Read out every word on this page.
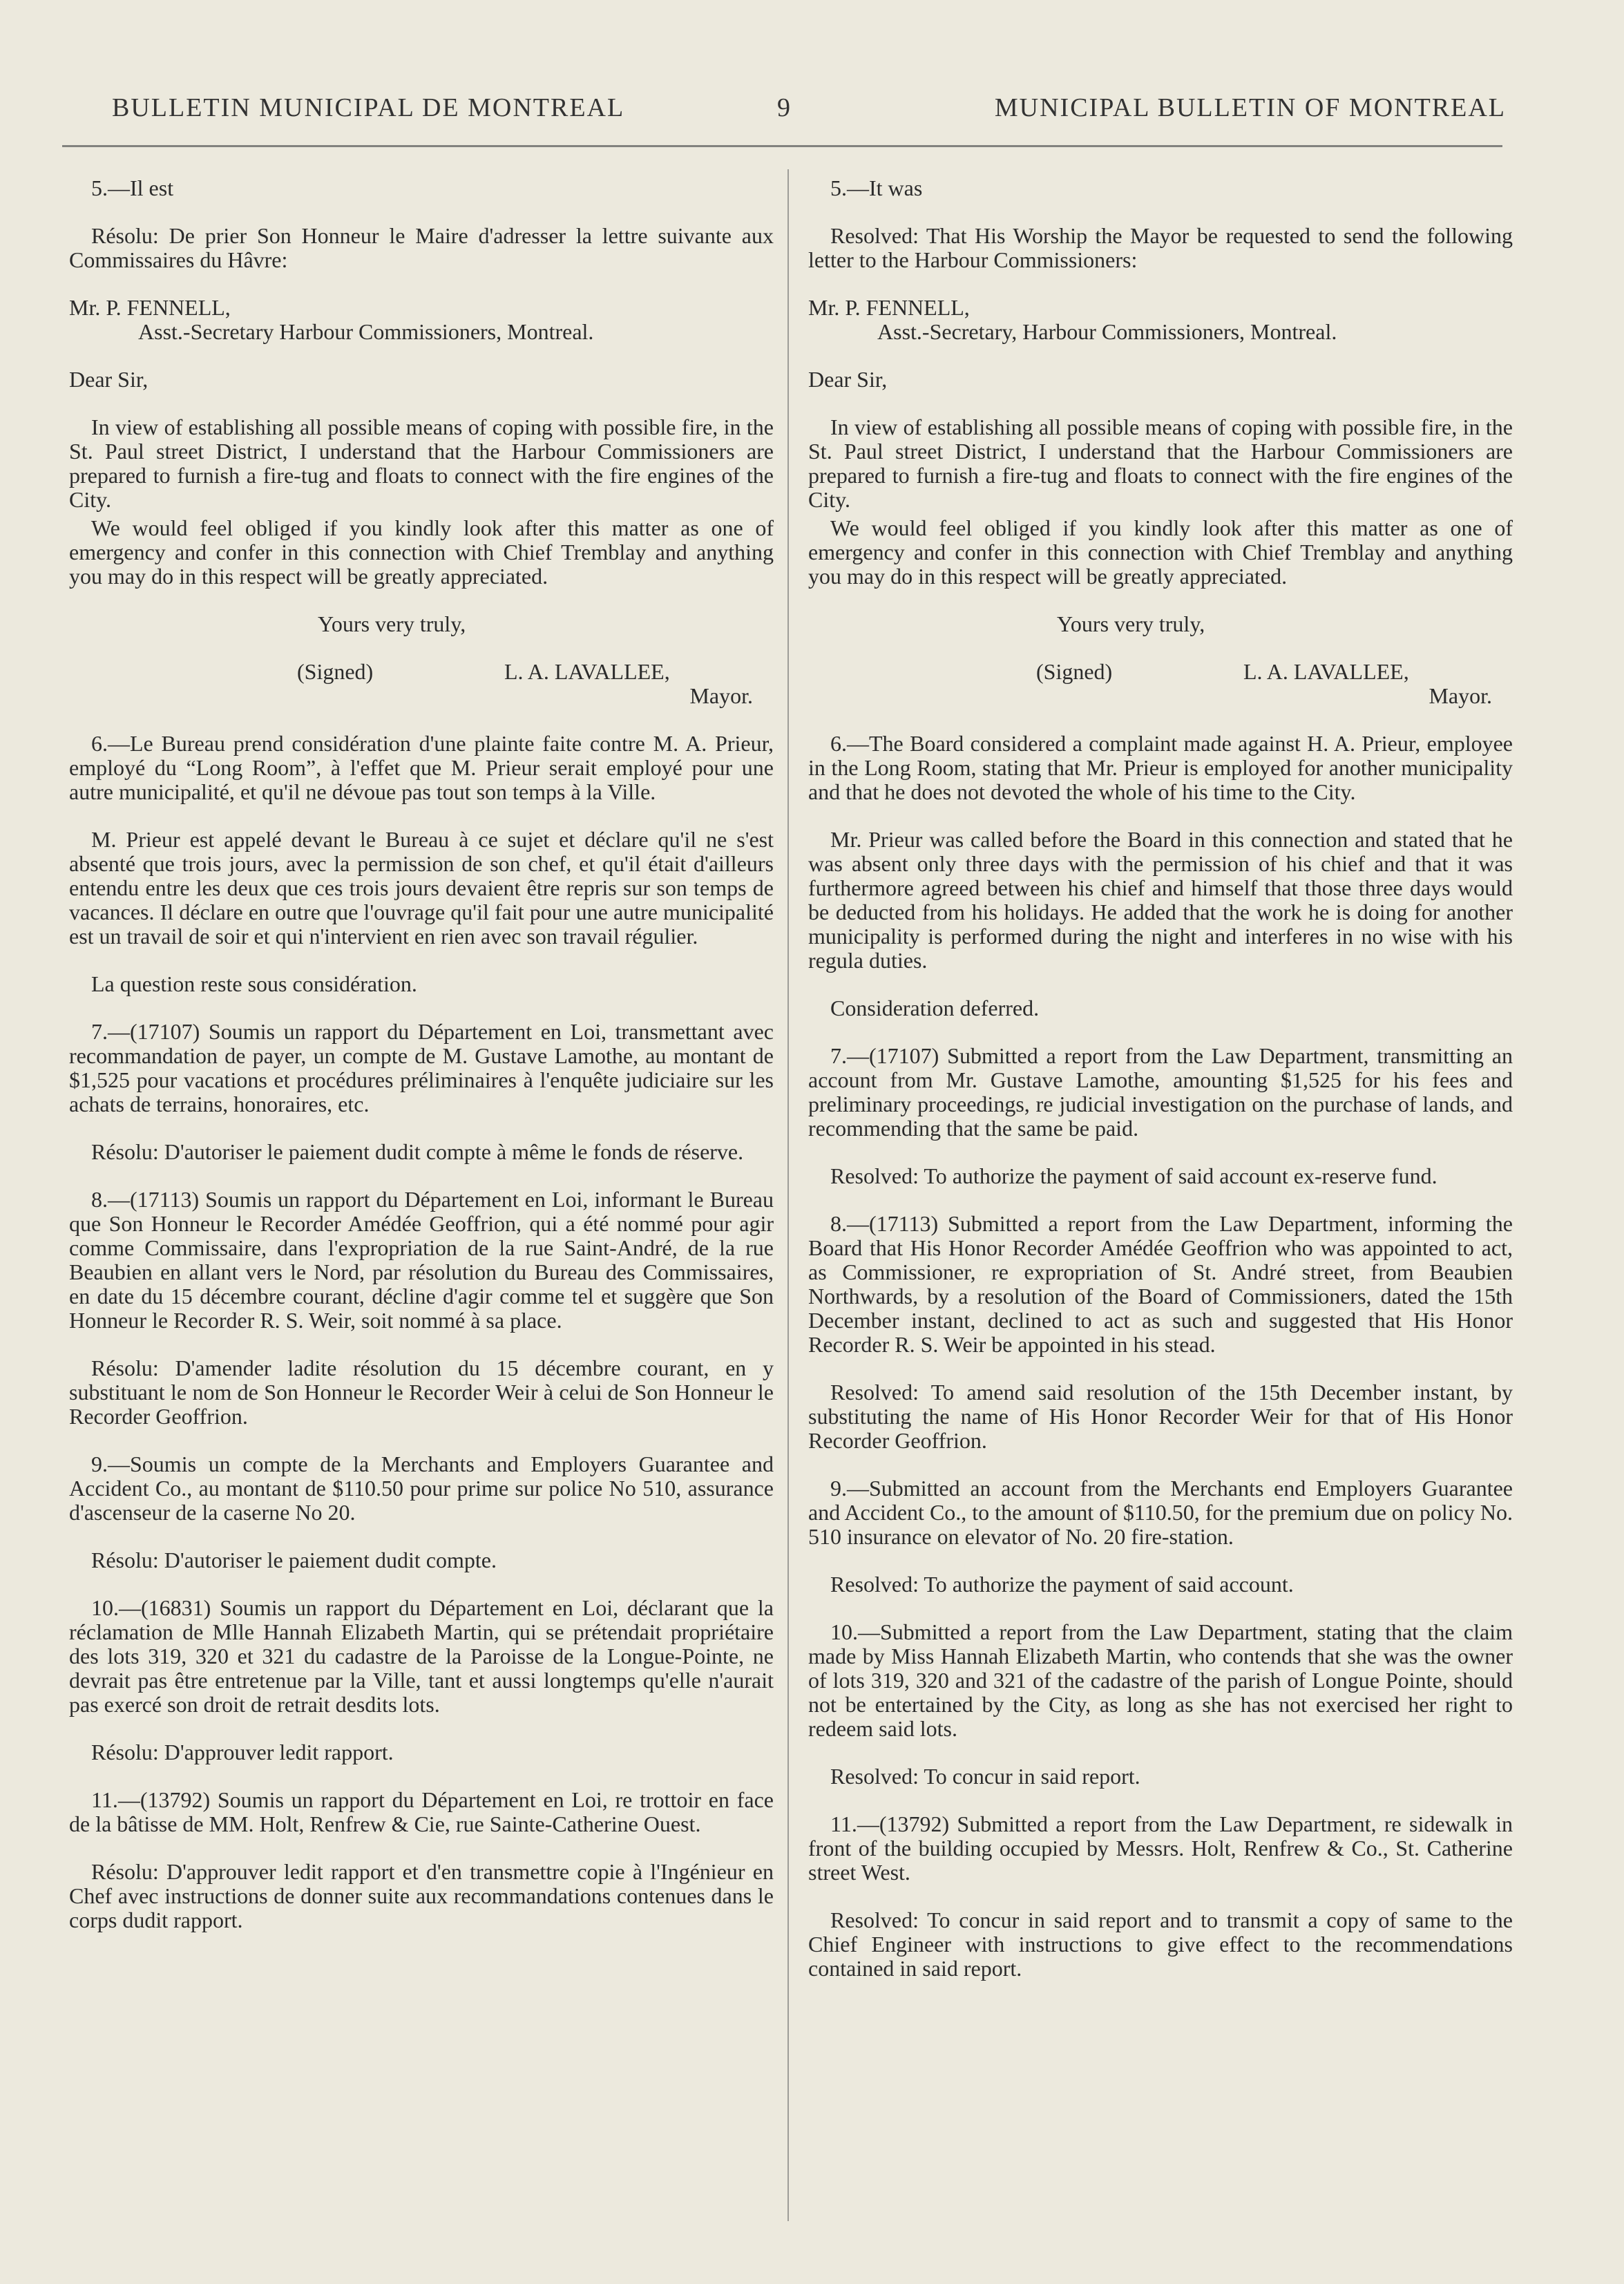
BULLETIN MUNICIPAL DE MONTREAL	9	MUNICIPAL BULLETIN OF MONTREAL

5.—Il est

Résolu: De prier Son Honneur le Maire d'adresser la lettre suivante aux Commissaires du Hâvre:

Mr. P. FENNELL,

Asst.-Secretary Harbour Commissioners, Montreal.

Dear Sir,

In view of establishing all possible means of coping with possible fire, in the St. Paul street District, I understand that the Harbour Commissioners are prepared to furnish a fire-tug and floats to connect with the fire engines of the City.

We would feel obliged if you kindly look after this matter as one of emergency and confer in this connection with Chief Tremblay and anything you may do in this respect will be greatly appreciated.

Yours very truly,

(Signed)	L. A. LAVALLEE,

Mayor.

6.—Le Bureau prend considération d'une plainte faite contre M. A. Prieur, employé du “Long Room”, à l'effet que M. Prieur serait employé pour une autre municipalité, et qu'il ne dévoue pas tout son temps à la Ville.

M. Prieur est appelé devant le Bureau à ce sujet et déclare qu'il ne s'est absenté que trois jours, avec la permission de son chef, et qu'il était d'ailleurs entendu entre les deux que ces trois jours devaient être repris sur son temps de vacances. Il déclare en outre que l'ouvrage qu'il fait pour une autre municipalité est un travail de soir et qui n'intervient en rien avec son travail régulier.

La question reste sous considération.

7.—(17107) Soumis un rapport du Département en Loi, transmettant avec recommandation de payer, un compte de M. Gustave Lamothe, au montant de $1,525 pour vacations et procédures préliminaires à l'enquête judiciaire sur les achats de terrains, honoraires, etc.

Résolu: D'autoriser le paiement dudit compte à même le fonds de réserve.

8.—(17113) Soumis un rapport du Département en Loi, informant le Bureau que Son Honneur le Recorder Amédée Geoffrion, qui a été nommé pour agir comme Commissaire, dans l'expropriation de la rue Saint-André, de la rue Beaubien en allant vers le Nord, par résolution du Bureau des Commissaires, en date du 15 décembre courant, décline d'agir comme tel et suggère que Son Honneur le Recorder R. S. Weir, soit nommé à sa place.

Résolu: D'amender ladite résolution du 15 décembre courant, en y substituant le nom de Son Honneur le Recorder Weir à celui de Son Honneur le Recorder Geoffrion.

9.—Soumis un compte de la Merchants and Employers Guarantee and Accident Co., au montant de $110.50 pour prime sur police No 510, assurance d'ascenseur de la caserne No 20.

Résolu: D'autoriser le paiement dudit compte.

10.—(16831) Soumis un rapport du Département en Loi, déclarant que la réclamation de Mlle Hannah Elizabeth Martin, qui se prétendait propriétaire des lots 319, 320 et 321 du cadastre de la Paroisse de la Longue-Pointe, ne devrait pas être entretenue par la Ville, tant et aussi longtemps qu'elle n'aurait pas exercé son droit de retrait desdits lots.

Résolu: D'approuver ledit rapport.

11.—(13792) Soumis un rapport du Département en Loi, re trottoir en face de la bâtisse de MM. Holt, Renfrew & Cie, rue Sainte-Catherine Ouest.

Résolu: D'approuver ledit rapport et d'en transmettre copie à l'Ingénieur en Chef avec instructions de donner suite aux recommandations contenues dans le corps dudit rapport.

5.—It was

Resolved: That His Worship the Mayor be requested to send the following letter to the Harbour Commissioners:

Mr. P. FENNELL,

Asst.-Secretary, Harbour Commissioners, Montreal.

Dear Sir,

In view of establishing all possible means of coping with possible fire, in the St. Paul street District, I understand that the Harbour Commissioners are prepared to furnish a fire-tug and floats to connect with the fire engines of the City.

We would feel obliged if you kindly look after this matter as one of emergency and confer in this connection with Chief Tremblay and anything you may do in this respect will be greatly appreciated.

Yours very truly,

(Signed)	L. A. LAVALLEE,

Mayor.

6.—The Board considered a complaint made against H. A. Prieur, employee in the Long Room, stating that Mr. Prieur is employed for another municipality and that he does not devoted the whole of his time to the City.

Mr. Prieur was called before the Board in this connection and stated that he was absent only three days with the permission of his chief and that it was furthermore agreed between his chief and himself that those three days would be deducted from his holidays. He added that the work he is doing for another municipality is performed during the night and interferes in no wise with his regula duties.

Consideration deferred.

7.—(17107) Submitted a report from the Law Department, transmitting an account from Mr. Gustave Lamothe, amounting $1,525 for his fees and preliminary proceedings, re judicial investigation on the purchase of lands, and recommending that the same be paid.

Resolved: To authorize the payment of said account ex-reserve fund.

8.—(17113) Submitted a report from the Law Department, informing the Board that His Honor Recorder Amédée Geoffrion who was appointed to act, as Commissioner, re expropriation of St. André street, from Beaubien Northwards, by a resolution of the Board of Commissioners, dated the 15th December instant, declined to act as such and suggested that His Honor Recorder R. S. Weir be appointed in his stead.

Resolved: To amend said resolution of the 15th December instant, by substituting the name of His Honor Recorder Weir for that of His Honor Recorder Geoffrion.

9.—Submitted an account from the Merchants end Employers Guarantee and Accident Co., to the amount of $110.50, for the premium due on policy No. 510 insurance on elevator of No. 20 fire-station.

Resolved: To authorize the payment of said account.

10.—Submitted a report from the Law Department, stating that the claim made by Miss Hannah Elizabeth Martin, who contends that she was the owner of lots 319, 320 and 321 of the cadastre of the parish of Longue Pointe, should not be entertained by the City, as long as she has not exercised her right to redeem said lots.

Resolved: To concur in said report.

11.—(13792) Submitted a report from the Law Department, re sidewalk in front of the building occupied by Messrs. Holt, Renfrew & Co., St. Catherine street West.

Resolved: To concur in said report and to transmit a copy of same to the Chief Engineer with instructions to give effect to the recommendations contained in said report.
